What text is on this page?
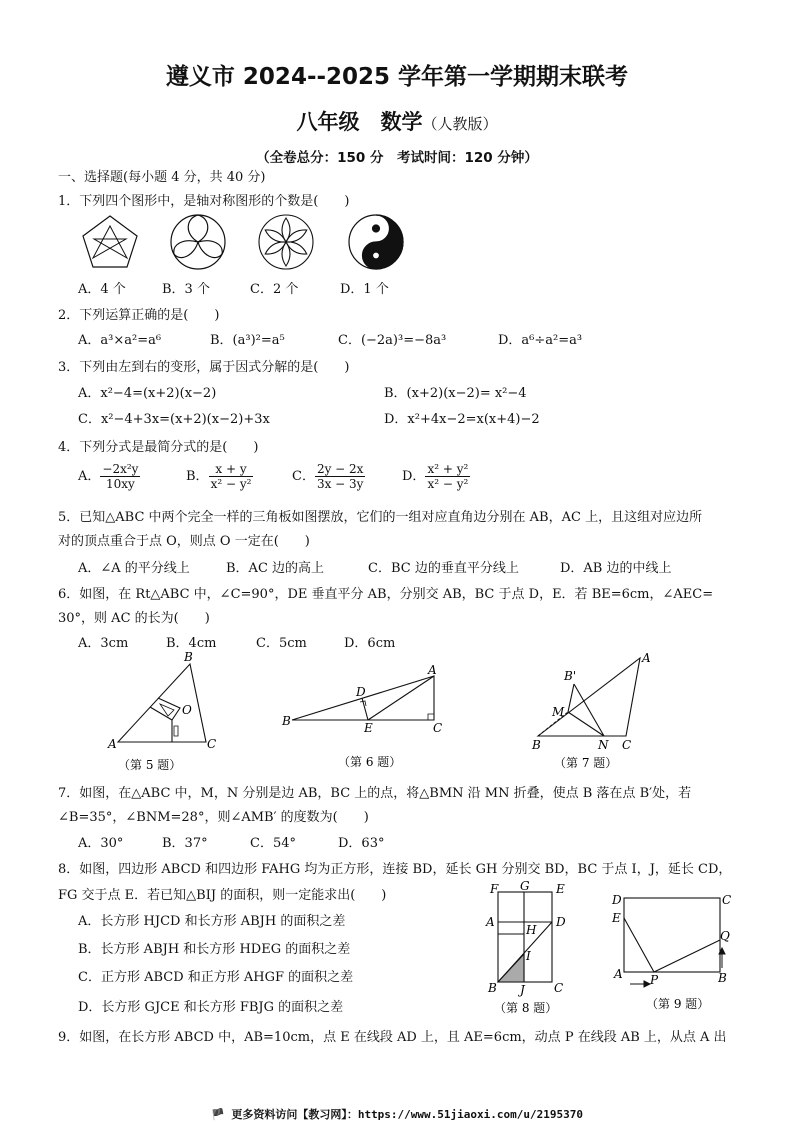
遵义市 2024--2025 学年第一学期期末联考
八年级　数学（人教版）
（全卷总分：150 分　考试时间：120 分钟）
一、选择题(每小题 4 分，共 40 分)
1．下列四个图形中，是轴对称图形的个数是(　　)
A．4 个	B．3 个	C．2 个	D．1 个
2．下列运算正确的是(　　)
A．a³×a²=a⁶	B．(a³)²=a⁵	C．(−2a)³=−8a³	D．a⁶÷a²=a³
3．下列由左到右的变形，属于因式分解的是(　　)
A．x²−4=(x+2)(x−2)	B．(x+2)(x−2)= x²−4
C．x²−4+3x=(x+2)(x−2)+3x	D．x²+4x−2=x(x+4)−2
4．下列分式是最简分式的是(　　)
A． $\frac{\text{−2x²y}}{10xy}$	B． $\frac{x + y}{\text{x² − y²}}$	C． $\frac{2y - 2x}{3x - 3y}$	D． $\frac{\text{x² + y²}}{\text{x² − y²}}$
5．已知△ABC 中两个完全一样的三角板如图摆放，它们的一组对应直角边分别在 AB，AC 上，且这组对应边所
对的顶点重合于点 O，则点 O 一定在(　　)
A．∠A 的平分线上	B．AC 边的高上	C．BC 边的垂直平分线上	D．AB 边的中线上
6．如图，在 Rt△ABC 中，∠C=90°，DE 垂直平分 AB，分别交 AB，BC 于点 D，E．若 BE=6cm，∠AEC=
30°，则 AC 的长为(　　)
A．3cm	B．4cm	C．5cm	D．6cm
B
O
A	C
（第 5 题）
A
D
B	E	C
（第 6 题）
A
B'
M
B	N C
（第 7 题）
7．如图，在△ABC 中，M，N 分别是边 AB，BC 上的点，将△BMN 沿 MN 折叠，使点 B 落在点 B′处，若
∠B=35°，∠BNM=28°，则∠AMB′ 的度数为(　　)
A．30°	B．37°	C．54°	D．63°
8．如图，四边形 ABCD 和四边形 FAHG 均为正方形，连接 BD，延长 GH 分别交 BD，BC 于点 I，J，延长 CD，
FG 交于点 E．若已知△BIJ 的面积，则一定能求出(　　)
A．长方形 HJCD 和长方形 ABJH 的面积之差
B．长方形 ABJH 和长方形 HDEG 的面积之差
C．正方形 ABCD 和正方形 AHGF 的面积之差
D．长方形 GJCE 和长方形 FBJG 的面积之差
F G E
A	D
H
I
B J C
（第 8 题）
D	C
E
Q
A P	B
（第 9 题）
9．如图，在长方形 ABCD 中，AB=10cm，点 E 在线段 AD 上，且 AE=6cm，动点 P 在线段 AB 上，从点 A 出
🏴 更多资料访问【教习网】：https://www.51jiaoxi.com/u/2195370
